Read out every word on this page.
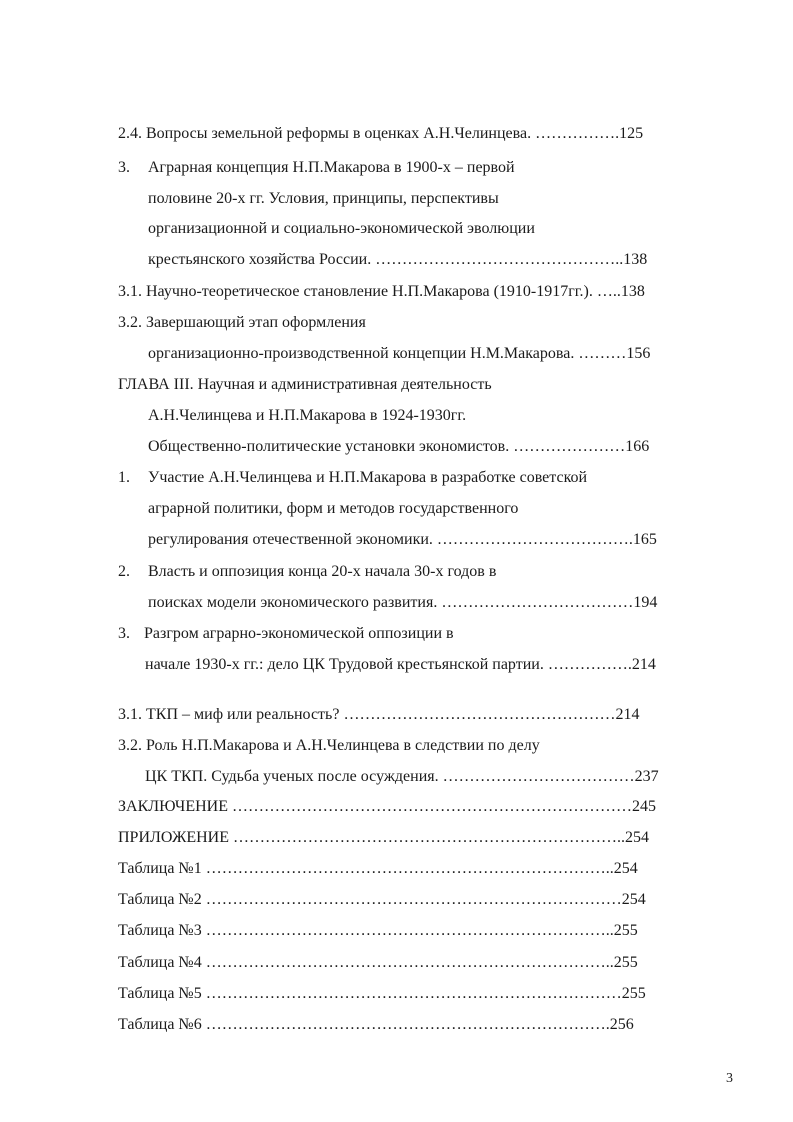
2.4. Вопросы земельной реформы в оценках А.Н.Челинцева. …………….125
3. Аграрная концепция Н.П.Макарова в 1900-х – первой
половине 20-х гг. Условия, принципы, перспективы
организационной и социально-экономической эволюции
крестьянского хозяйства России. ………………………………………..138
3.1. Научно-теоретическое становление Н.П.Макарова (1910-1917гг.). …..138
3.2. Завершающий этап оформления
организационно-производственной концепции Н.М.Макарова. ………156
ГЛАВА III. Научная и административная деятельность
А.Н.Челинцева и Н.П.Макарова в 1924-1930гг.
Общественно-политические установки экономистов. …………………166
1. Участие А.Н.Челинцева и Н.П.Макарова в разработке советской
аграрной политики, форм и методов государственного
регулирования отечественной экономики. ……………………………….165
2. Власть и оппозиция конца 20-х начала 30-х годов в
поисках модели экономического развития. ………………………………194
3. Разгром аграрно-экономической оппозиции в
начале 1930-х гг.: дело ЦК Трудовой крестьянской партии. …………….214
3.1. ТКП – миф или реальность? ……………………………………………214
3.2. Роль Н.П.Макарова и А.Н.Челинцева в следствии по делу
ЦК ТКП. Судьба ученых после осуждения. ………………………………237
ЗАКЛЮЧЕНИЕ …………………………………………………………………245
ПРИЛОЖЕНИЕ ………………………………………………………………..254
Таблица №1 …………………………………………………………………..254
Таблица №2 ……………………………………………………………………254
Таблица №3 …………………………………………………………………..255
Таблица №4 …………………………………………………………………..255
Таблица №5 ……………………………………………………………………255
Таблица №6 ………………………………………………………………….256
3
